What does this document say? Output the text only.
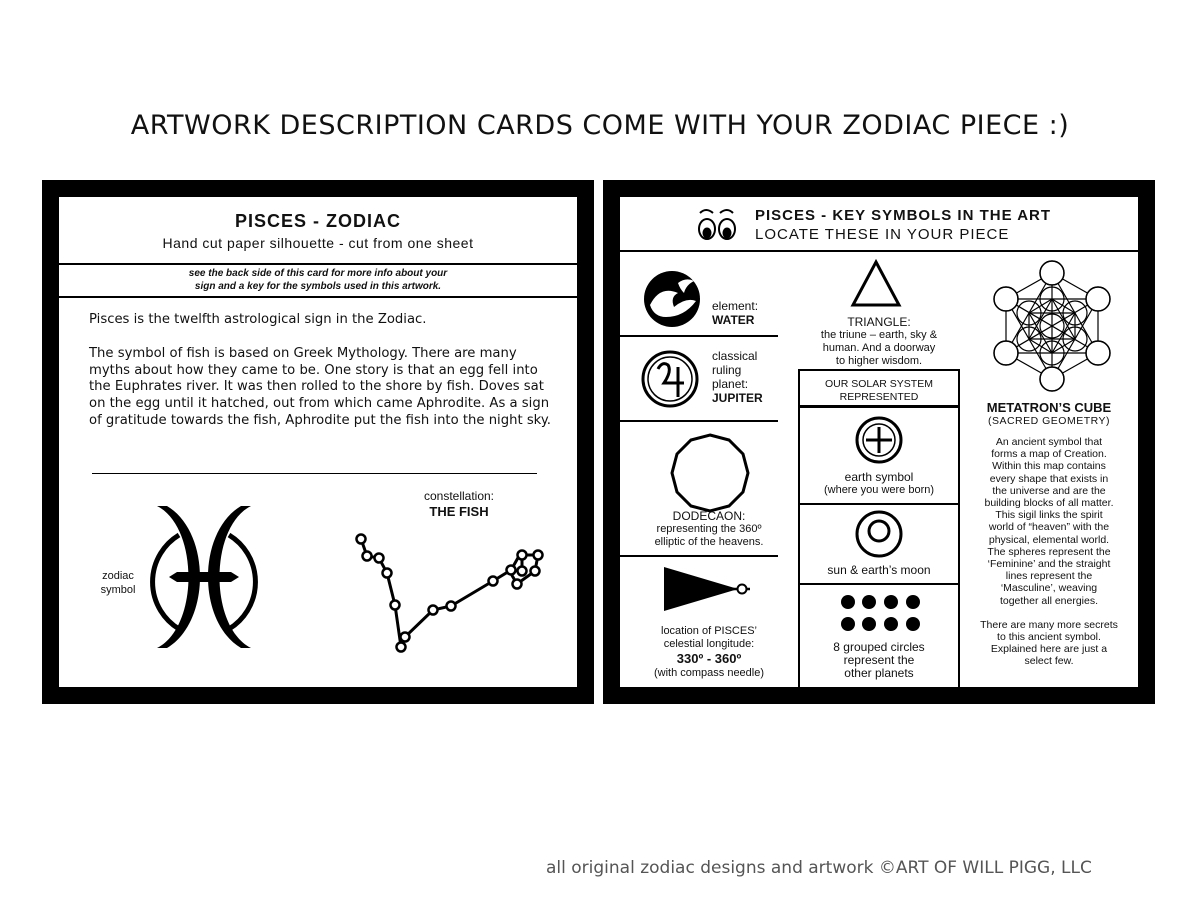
ARTWORK DESCRIPTION CARDS COME WITH YOUR ZODIAC PIECE :)
PISCES - ZODIAC
Hand cut paper silhouette - cut from one sheet
see the back side of this card for more info about your
sign and a key for the symbols used in this artwork.

Pisces is the twelfth astrological sign in the Zodiac.

The symbol of fish is based on Greek Mythology. There are many myths about how they came to be. One story is that an egg fell into the Euphrates river. It was then rolled to the shore by fish. Doves sat on the egg until it hatched, out from which came Aphrodite. As a sign of gratitude towards the fish, Aphrodite put the fish into the night sky.

zodiac
symbol
constellation:
THE FISH
PISCES - KEY SYMBOLS IN THE ART
LOCATE THESE IN YOUR PIECE
element:
WATER
classical
ruling
planet:
JUPITER
DODECAON:
representing the 360º
elliptic of the heavens.
location of PISCES’
celestial longitude:
330º - 360º
(with compass needle)
TRIANGLE:
the triune – earth, sky &
human. And a doorway
to higher wisdom.
OUR SOLAR SYSTEM
REPRESENTED
earth symbol
(where you were born)
sun & earth’s moon
8 grouped circles
represent the
other planets
METATRON’S CUBE
(SACRED GEOMETRY)
An ancient symbol that
forms a map of Creation.
Within this map contains
every shape that exists in
the universe and are the
building blocks of all matter.
This sigil links the spirit
world of “heaven” with the
physical, elemental world.
The spheres represent the
‘Feminine’ and the straight
lines represent the
‘Masculine’, weaving
together all energies.
There are many more secrets
to this ancient symbol.
Explained here are just a
select few.
all original zodiac designs and artwork ©ART OF WILL PIGG, LLC
